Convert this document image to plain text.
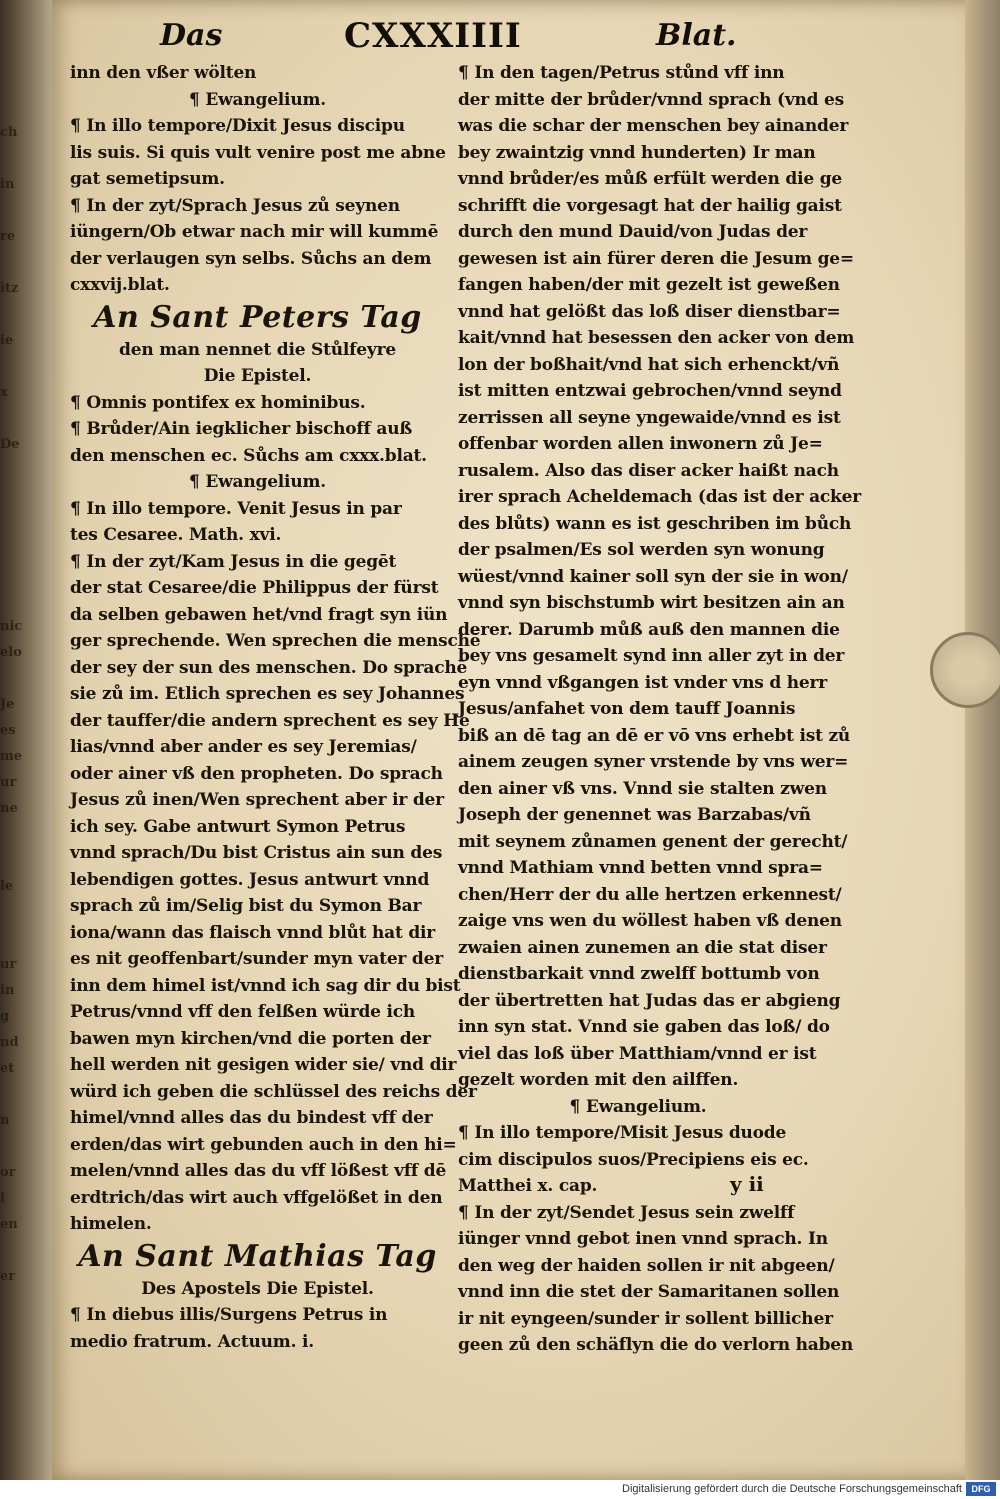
ch

in

re

itz

ie

x

De

nic
elo

Je
es
me
ur
ne

le

ur
in
g
nd
et

n

or
i
en

er
Das	CXXXIIII	Blat.

inn den vßer wölten

¶ Ewangelium.

¶ In illo tempore/Dixit Jesus discipu

lis suis. Si quis vult venire post me abne

gat semetipsum.

¶ In der zyt/Sprach Jesus zů seynen

iüngern/Ob etwar nach mir will kummē

der verlaugen syn selbs. Sůchs an dem

cxxvij.blat.

An Sant Peters Tag

den man nennet die Stůlfeyre

Die Epistel.

¶ Omnis pontifex ex hominibus.

¶ Brůder/Ain iegklicher bischoff auß

den menschen ec. Sůchs am cxxx.blat.

¶ Ewangelium.

¶ In illo tempore. Venit Jesus in par

tes Cesaree. Math. xvi.

¶ In der zyt/Kam Jesus in die gegēt

der stat Cesaree/die Philippus der fürst

da selben gebawen het/vnd fragt syn iün

ger sprechende. Wen sprechen die menschē

der sey der sun des menschen. Do sprachē

sie zů im. Etlich sprechen es sey Johannes

der tauffer/die andern sprechent es sey He

lias/vnnd aber ander es sey Jeremias/

oder ainer vß den propheten. Do sprach

Jesus zů inen/Wen sprechent aber ir der

ich sey. Gabe antwurt Symon Petrus

vnnd sprach/Du bist Cristus ain sun des

lebendigen gottes. Jesus antwurt vnnd

sprach zů im/Selig bist du Symon Bar

iona/wann das flaisch vnnd blůt hat dir

es nit geoffenbart/sunder myn vater der

inn dem himel ist/vnnd ich sag dir du bist

Petrus/vnnd vff den felßen würde ich

bawen myn kirchen/vnd die porten der

hell werden nit gesigen wider sie/ vnd dir

würd ich geben die schlüssel des reichs der

himel/vnnd alles das du bindest vff der

erden/das wirt gebunden auch in den hi=

melen/vnnd alles das du vff lößest vff dē

erdtrich/das wirt auch vffgelößet in den

himelen.

An Sant Mathias Tag

Des Apostels Die Epistel.

¶ In diebus illis/Surgens Petrus in

medio fratrum. Actuum. i.

¶ In den tagen/Petrus stůnd vff inn

der mitte der brůder/vnnd sprach (vnd es

was die schar der menschen bey ainander

bey zwaintzig vnnd hunderten) Ir man

vnnd brůder/es můß erfült werden die ge

schrifft die vorgesagt hat der hailig gaist

durch den mund Dauid/von Judas der

gewesen ist ain fürer deren die Jesum ge=

fangen haben/der mit gezelt ist geweßen

vnnd hat gelößt das loß diser dienstbar=

kait/vnnd hat besessen den acker von dem

lon der boßhait/vnd hat sich erhenckt/vñ

ist mitten entzwai gebrochen/vnnd seynd

zerrissen all seyne yngewaide/vnnd es ist

offenbar worden allen inwonern zů Je=

rusalem. Also das diser acker haißt nach

irer sprach Acheldemach (das ist der acker

des blůts) wann es ist geschriben im bůch

der psalmen/Es sol werden syn wonung

wüest/vnnd kainer soll syn der sie in won/

vnnd syn bischstumb wirt besitzen ain an

derer. Darumb můß auß den mannen die

bey vns gesamelt synd inn aller zyt in der

eyn vnnd vßgangen ist vnder vns d herr

Jesus/anfahet von dem tauff Joannis

biß an dē tag an dē er vō vns erhebt ist zů

ainem zeugen syner vrstende by vns wer=

den ainer vß vns. Vnnd sie stalten zwen

Joseph der genennet was Barzabas/vñ

mit seynem zůnamen genent der gerecht/

vnnd Mathiam vnnd betten vnnd spra=

chen/Herr der du alle hertzen erkennest/

zaige vns wen du wöllest haben vß denen

zwaien ainen zunemen an die stat diser

dienstbarkait vnnd zwelff bottumb von

der übertretten hat Judas das er abgieng

inn syn stat. Vnnd sie gaben das loß/ do

viel das loß über Matthiam/vnnd er ist

gezelt worden mit den ailffen.

¶ Ewangelium.

¶ In illo tempore/Misit Jesus duode

cim discipulos suos/Precipiens eis ec.

Matthei x. cap.

¶ In der zyt/Sendet Jesus sein zwelff

iünger vnnd gebot inen vnnd sprach. In

den weg der haiden sollen ir nit abgeen/

vnnd inn die stet der Samaritanen sollen

ir nit eyngeen/sunder ir sollent billicher

geen zů den schäflyn die do verlorn haben

y ii
Digitalisierung gefördert durch die Deutsche Forschungsgemeinschaft	DFG
